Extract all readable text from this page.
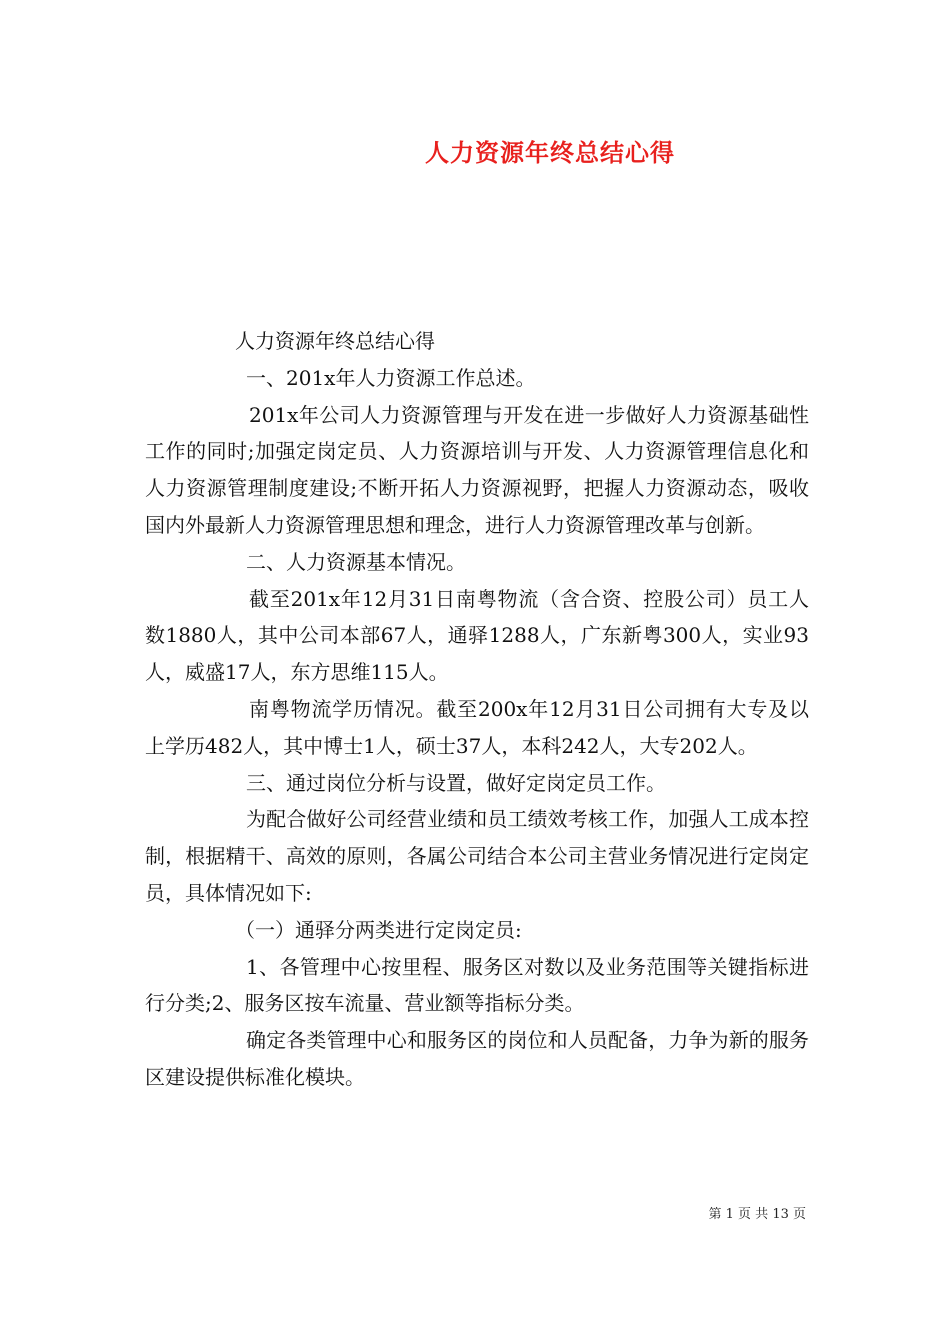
人力资源年终总结心得

人力资源年终总结心得

一、201x年人力资源工作总述。

201x年公司人力资源管理与开发在进一步做好人力资源基础性工作的同时;加强定岗定员、人力资源培训与开发、人力资源管理信息化和人力资源管理制度建设;不断开拓人力资源视野，把握人力资源动态，吸收国内外最新人力资源管理思想和理念，进行人力资源管理改革与创新。

二、人力资源基本情况。

截至201x年12月31日南粤物流（含合资、控股公司）员工人数1880人，其中公司本部67人，通驿1288人，广东新粤300人，实业93人，威盛17人，东方思维115人。

南粤物流学历情况。截至200x年12月31日公司拥有大专及以上学历482人，其中博士1人，硕士37人，本科242人，大专202人。

三、通过岗位分析与设置，做好定岗定员工作。

为配合做好公司经营业绩和员工绩效考核工作，加强人工成本控制，根据精干、高效的原则，各属公司结合本公司主营业务情况进行定岗定员，具体情况如下:

（一）通驿分两类进行定岗定员:

1、各管理中心按里程、服务区对数以及业务范围等关键指标进行分类;2、服务区按车流量、营业额等指标分类。

确定各类管理中心和服务区的岗位和人员配备，力争为新的服务区建设提供标准化模块。

第 1 页 共 13 页
